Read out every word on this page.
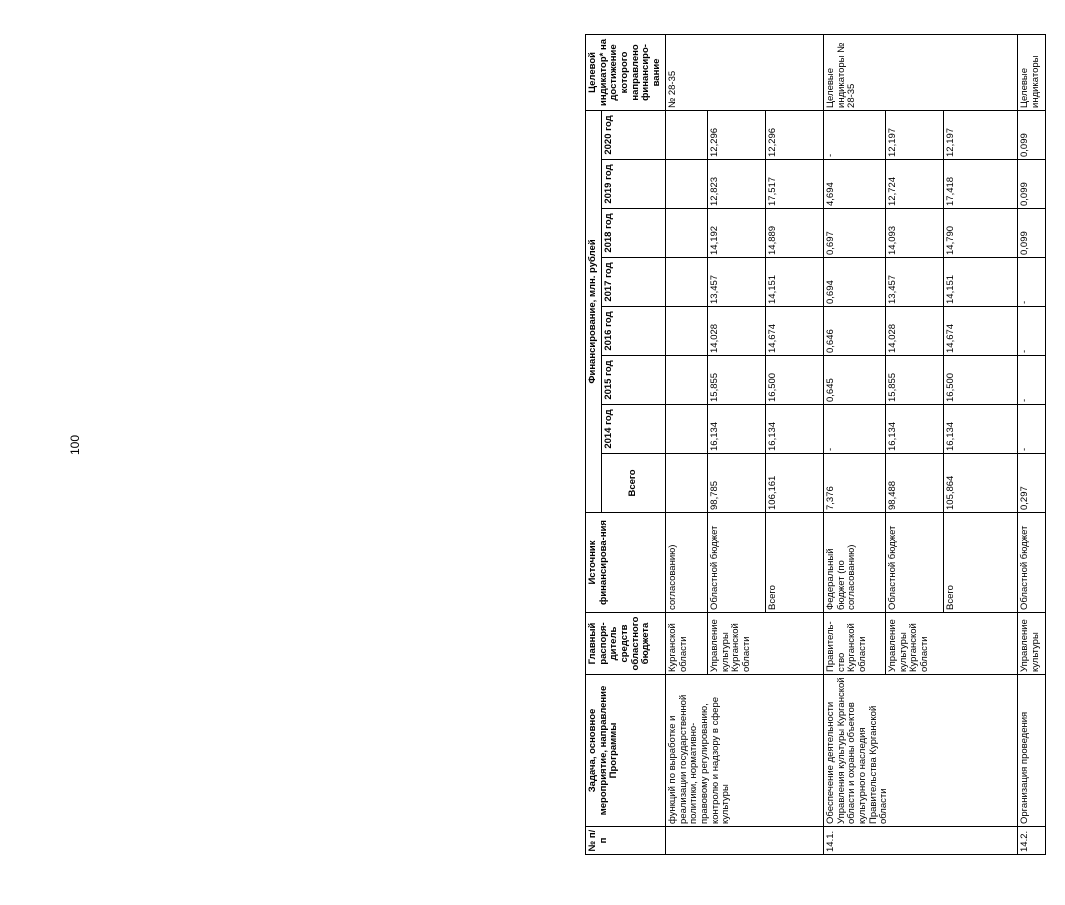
100
№ п/п	Задача, основное мероприятие, направление Программы	Главный распоря-дитель средств областного бюджета	Источник финансирова-ния	Финансирование, млн. рублей								Целевой индикатор* на достижение которого направлено финансиро-вание
				Всего	2014 год	2015 год	2016 год	2017 год	2018 год	2019 год	2020 год	
	функций по выработке и реализации государственной политики, нормативно-правовому регулированию, контролю и надзору в сфере культуры	Курганской области	согласованию)									№ 28-35
		Управление культуры Курганской области	Областной бюджет	98,785	16,134	15,855	14,028	13,457	14,192	12,823	12,296	
			Всего	106,161	16,134	16,500	14,674	14,151	14,889	17,517	12,296	
14.1.	Обеспечение деятельности Управления культуры Курганской области и охраны объектов культурного наследия Правительства Курганской области	Правитель-ство Курганской области	Федеральный бюджет (по согласованию)	7,376	-	0,645	0,646	0,694	0,697	4,694	-	Целевые индикаторы № 28-35
		Управление культуры Курганской области	Областной бюджет	98,488	16,134	15,855	14,028	13,457	14,093	12,724	12,197	
			Всего	105,864	16,134	16,500	14,674	14,151	14,790	17,418	12,197	
14.2.	Организация проведения	Управление культуры	Областной бюджет	0,297	-	-	-	-	0,099	0,099	0,099	Целевые индикаторы
